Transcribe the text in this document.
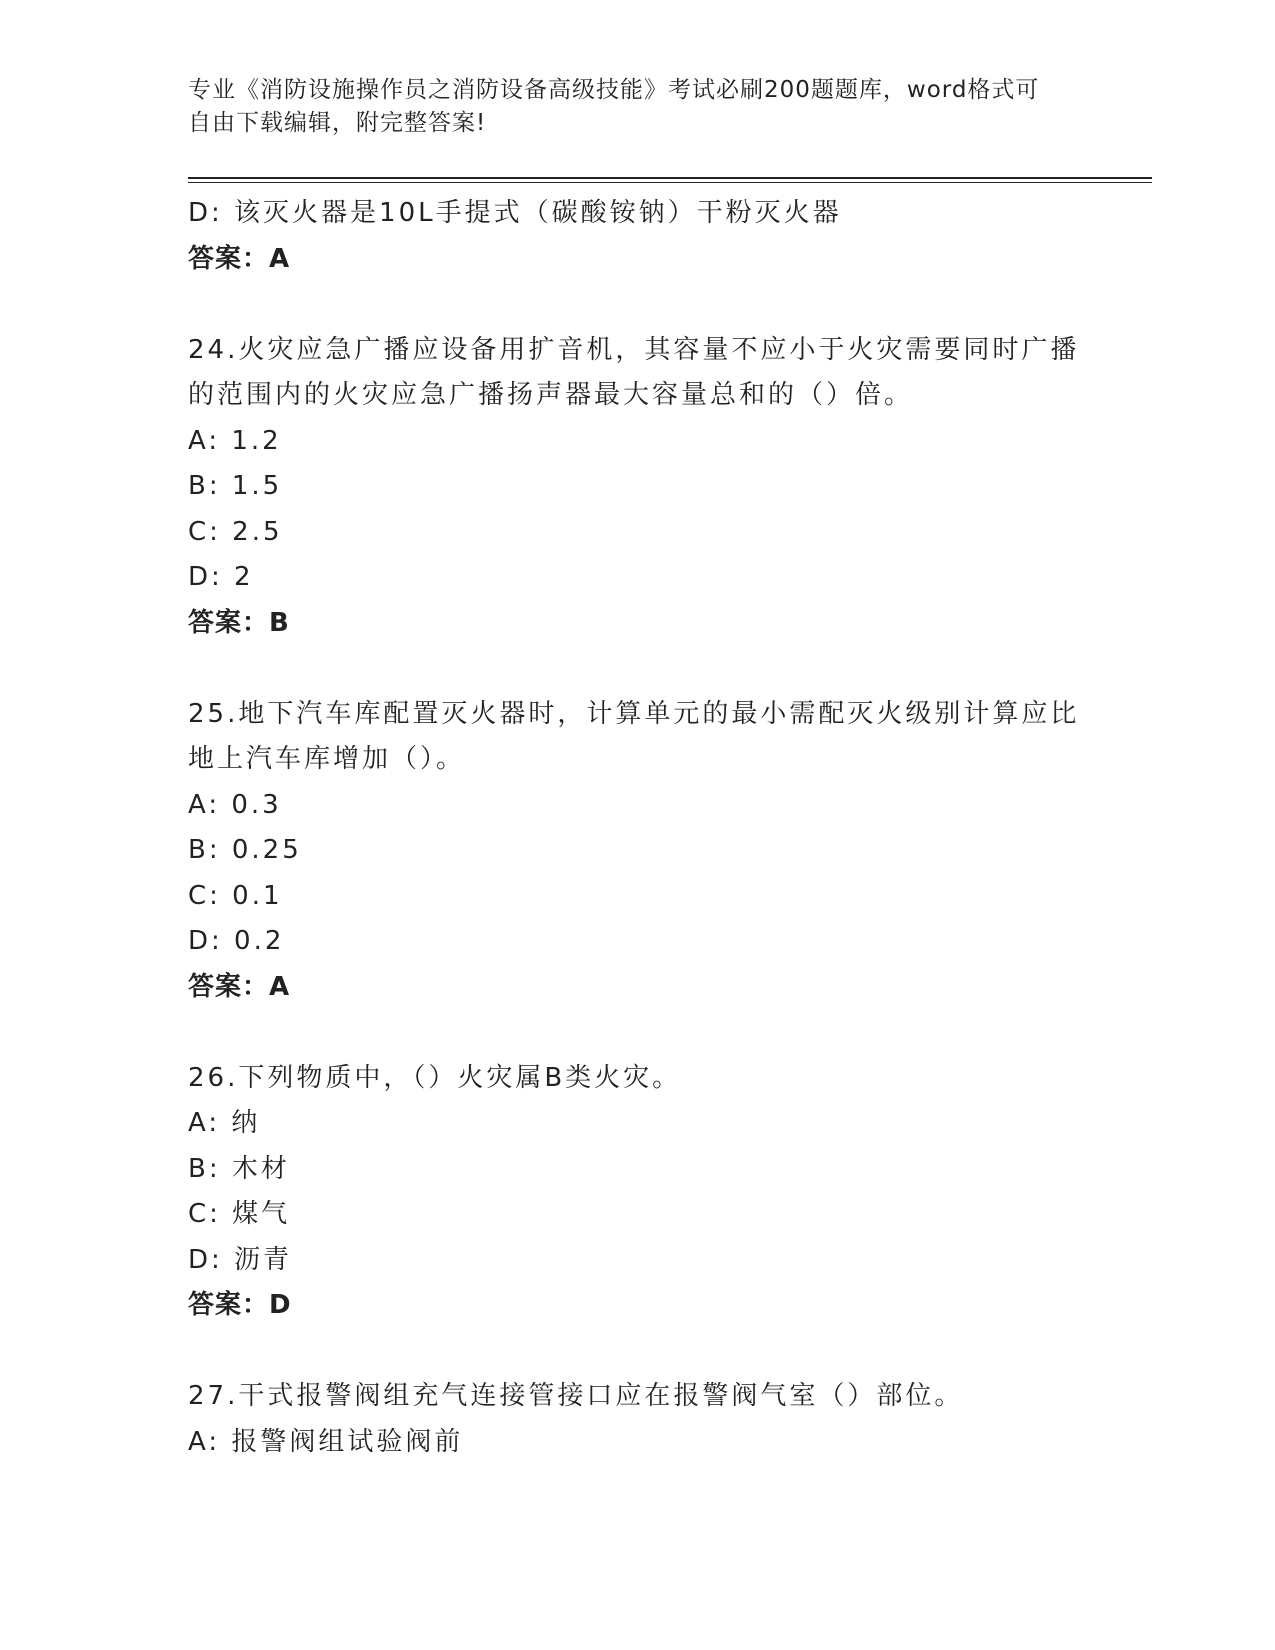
专业《消防设施操作员之消防设备高级技能》考试必刷200题题库，word格式可
自由下载编辑，附完整答案!
D: 该灭火器是10L手提式（碳酸铵钠）干粉灭火器
答案：A
24.火灾应急广播应设备用扩音机，其容量不应小于火灾需要同时广播
的范围内的火灾应急广播扬声器最大容量总和的（）倍。
A: 1.2
B: 1.5
C: 2.5
D: 2
答案：B
25.地下汽车库配置灭火器时，计算单元的最小需配灭火级别计算应比
地上汽车库增加（）。
A: 0.3
B: 0.25
C: 0.1
D: 0.2
答案：A
26.下列物质中，（）火灾属B类火灾。
A: 纳
B: 木材
C: 煤气
D: 沥青
答案：D
27.干式报警阀组充气连接管接口应在报警阀气室（）部位。
A: 报警阀组试验阀前
